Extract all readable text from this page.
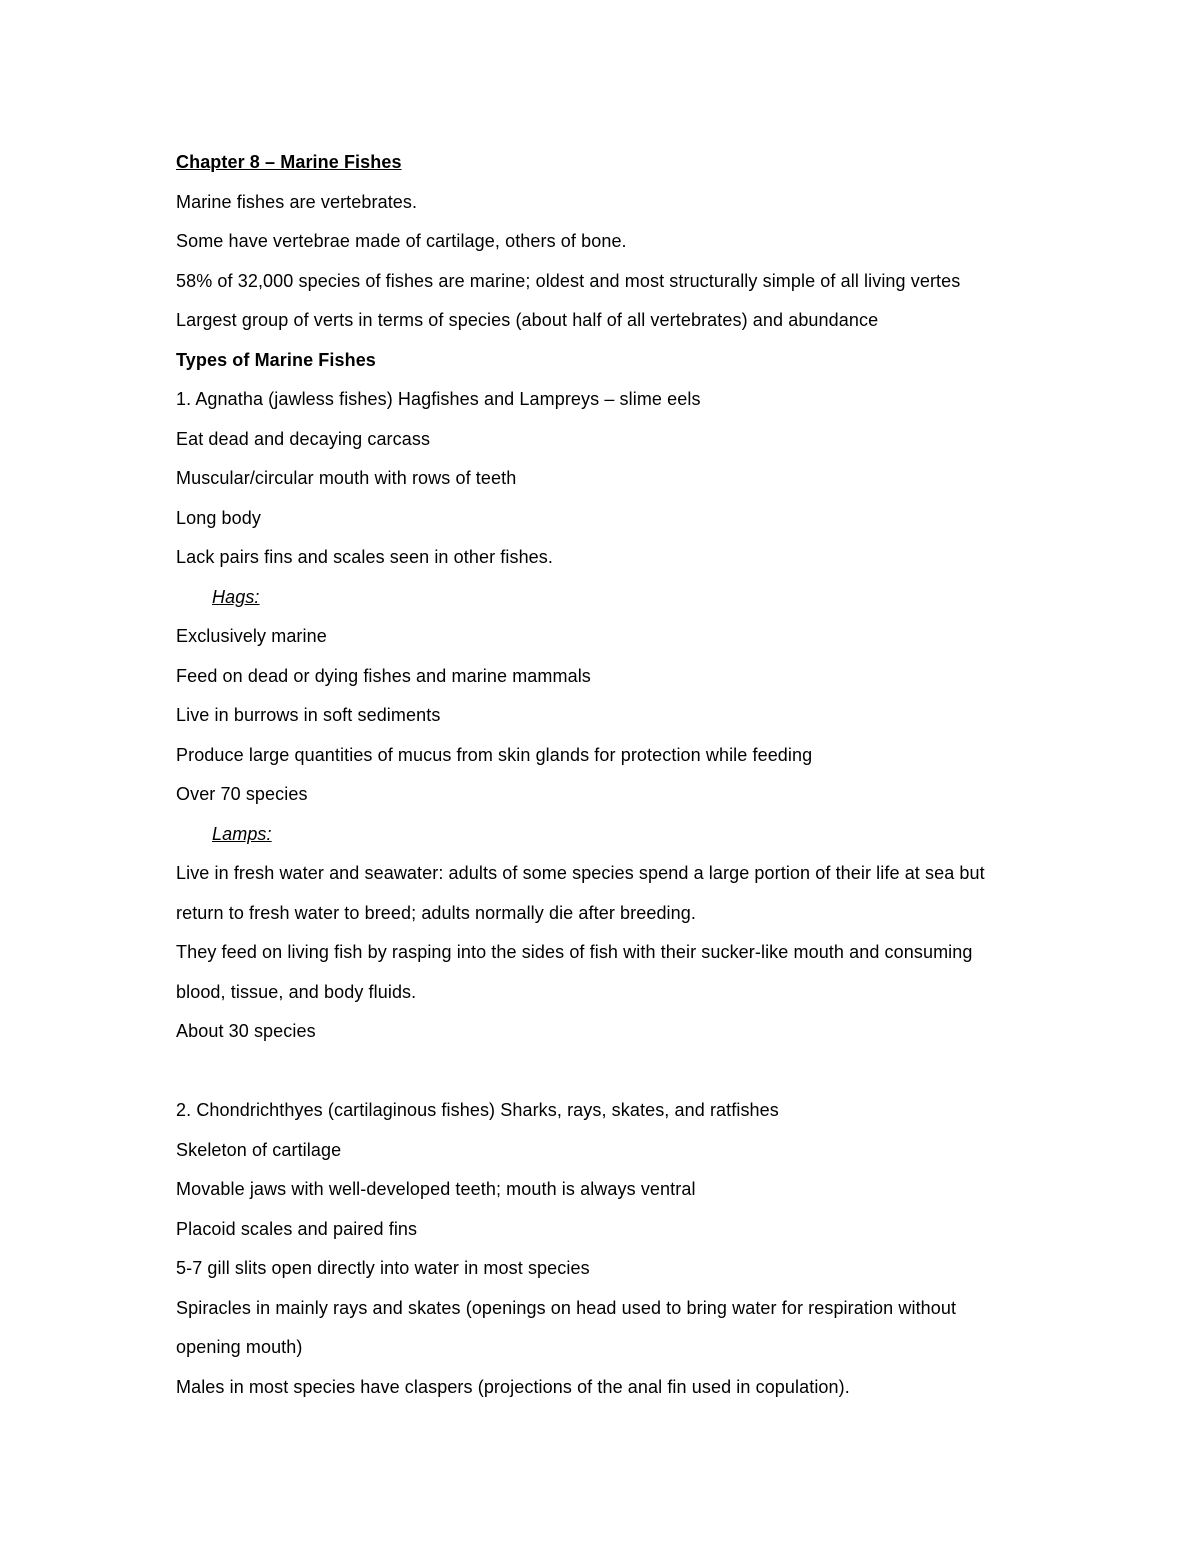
Chapter 8 – Marine Fishes
Marine fishes are vertebrates.
Some have vertebrae made of cartilage, others of bone.
58% of 32,000 species of fishes are marine; oldest and most structurally simple of all living vertes
Largest group of verts in terms of species (about half of all vertebrates) and abundance
Types of Marine Fishes
1. Agnatha (jawless fishes) Hagfishes and Lampreys – slime eels
Eat dead and decaying carcass
Muscular/circular mouth with rows of teeth
Long body
Lack pairs fins and scales seen in other fishes.
Hags:
Exclusively marine
Feed on dead or dying fishes and marine mammals
Live in burrows in soft sediments
Produce large quantities of mucus from skin glands for protection while feeding
Over 70 species
Lamps:
Live in fresh water and seawater: adults of some species spend a large portion of their life at sea but
return to fresh water to breed; adults normally die after breeding.
They feed on living fish by rasping into the sides of fish with their sucker-like mouth and consuming
blood, tissue, and body fluids.
About 30 species
2. Chondrichthyes (cartilaginous fishes) Sharks, rays, skates, and ratfishes
Skeleton of cartilage
Movable jaws with well-developed teeth; mouth is always ventral
Placoid scales and paired fins
5-7 gill slits open directly into water in most species
Spiracles in mainly rays and skates (openings on head used to bring water for respiration without
opening mouth)
Males in most species have claspers (projections of the anal fin used in copulation).
